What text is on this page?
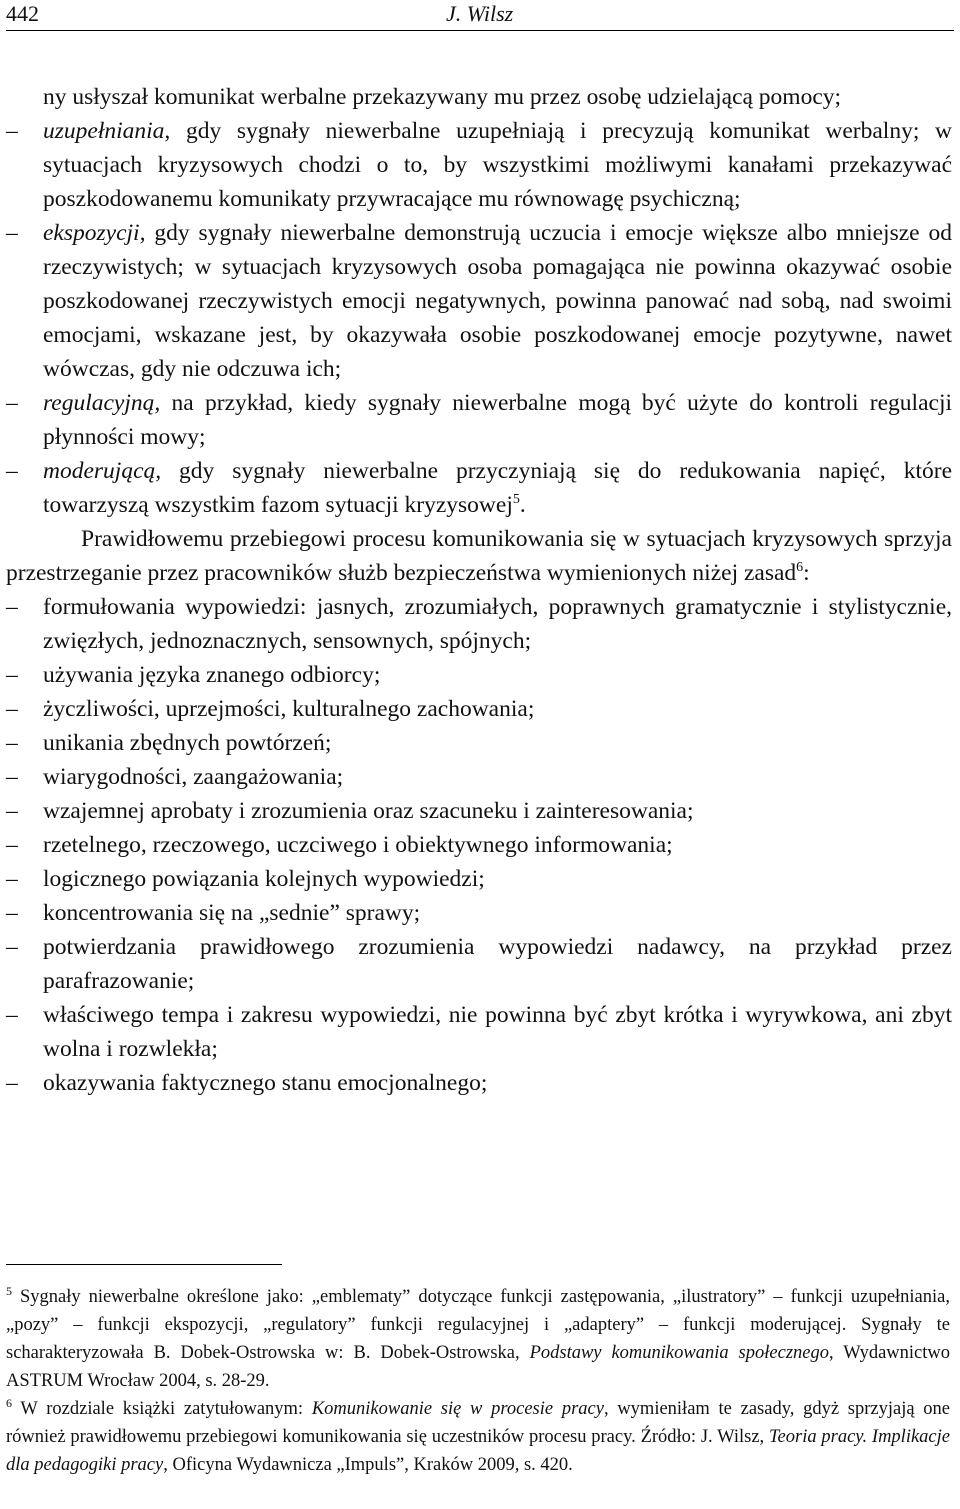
442	J. Wilsz
ny usłyszał komunikat werbalne przekazywany mu przez osobę udzielającą pomocy;
– uzupełniania, gdy sygnały niewerbalne uzupełniają i precyzują komunikat werbalny; w sytuacjach kryzysowych chodzi o to, by wszystkimi możliwymi kanałami przekazywać poszkodowanemu komunikaty przywracające mu równowagę psychiczną;
– ekspozycji, gdy sygnały niewerbalne demonstrują uczucia i emocje większe albo mniejsze od rzeczywistych; w sytuacjach kryzysowych osoba pomagająca nie powinna okazywać osobie poszkodowanej rzeczywistych emocji negatywnych, powinna panować nad sobą, nad swoimi emocjami, wskazane jest, by okazywała osobie poszkodowanej emocje pozytywne, nawet wówczas, gdy nie odczuwa ich;
– regulacyjną, na przykład, kiedy sygnały niewerbalne mogą być użyte do kontroli regulacji płynności mowy;
– moderującą, gdy sygnały niewerbalne przyczyniają się do redukowania napięć, które towarzyszą wszystkim fazom sytuacji kryzysowej$^5$.
Prawidłowemu przebiegowi procesu komunikowania się w sytuacjach kryzysowych sprzyja przestrzeganie przez pracowników służb bezpieczeństwa wymienionych niżej zasad$^6$:
– formułowania wypowiedzi: jasnych, zrozumiałych, poprawnych gramatycznie i stylistycznie, zwięzłych, jednoznacznych, sensownych, spójnych;
– używania języka znanego odbiorcy;
– życzliwości, uprzejmości, kulturalnego zachowania;
– unikania zbędnych powtórzeń;
– wiarygodności, zaangażowania;
– wzajemnej aprobaty i zrozumienia oraz szacuneku i zainteresowania;
– rzetelnego, rzeczowego, uczciwego i obiektywnego informowania;
– logicznego powiązania kolejnych wypowiedzi;
– koncentrowania się na „sednie” sprawy;
– potwierdzania prawidłowego zrozumienia wypowiedzi nadawcy, na przykład przez parafrazowanie;
– właściwego tempa i zakresu wypowiedzi, nie powinna być zbyt krótka i wyrywkowa, ani zbyt wolna i rozwlekła;
– okazywania faktycznego stanu emocjonalnego;
$^5$ Sygnały niewerbalne określone jako: „emblematy” dotyczące funkcji zastępowania, „ilustratory” – funkcji uzupełniania, „pozy” – funkcji ekspozycji, „regulatory” funkcji regulacyjnej i „adaptery” – funkcji moderującej. Sygnały te scharakteryzowała B. Dobek-Ostrowska w: B. Dobek-Ostrowska, Podstawy komunikowania społecznego, Wydawnictwo ASTRUM Wrocław 2004, s. 28-29.
$^6$ W rozdziale książki zatytułowanym: Komunikowanie się w procesie pracy, wymieniłam te zasady, gdyż sprzyjają one również prawidłowemu przebiegowi komunikowania się uczestników procesu pracy. Źródło: J. Wilsz, Teoria pracy. Implikacje dla pedagogiki pracy, Oficyna Wydawnicza „Impuls”, Kraków 2009, s. 420.
